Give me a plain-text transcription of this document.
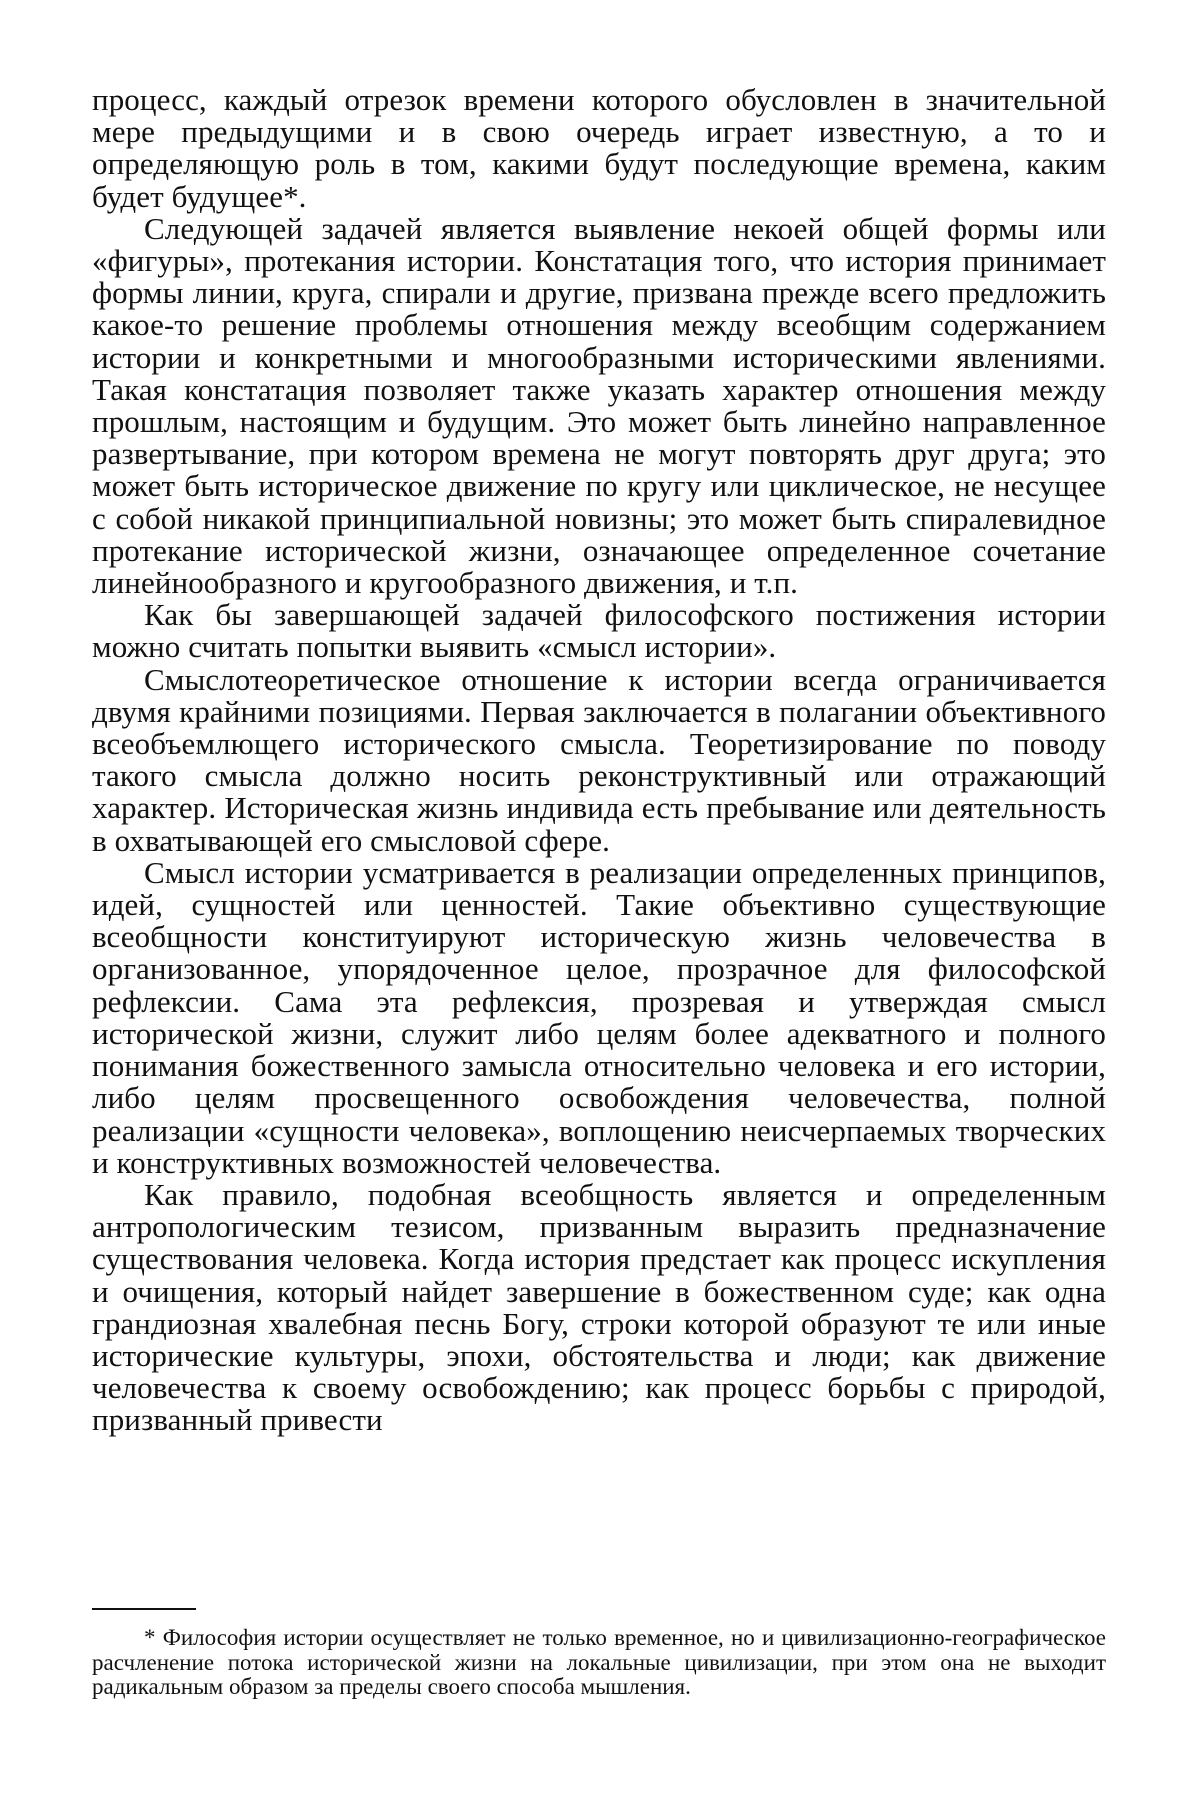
процесс, каждый отрезок времени которого обусловлен в значительной мере предыдущими и в свою очередь играет известную, а то и определяющую роль в том, какими будут последующие времена, каким будет будущее*.

Следующей задачей является выявление некоей общей формы или «фигуры», протекания истории. Констатация того, что история принимает формы линии, круга, спирали и другие, призвана прежде всего предложить какое-то решение проблемы отношения между всеобщим содержанием истории и конкретными и многообразными историческими явлениями. Такая констатация позволяет также указать характер отношения между прошлым, настоящим и будущим. Это может быть линейно направленное развертывание, при котором времена не могут повторять друг друга; это может быть историческое движение по кругу или циклическое, не несущее с собой никакой принципиальной новизны; это может быть спиралевидное протекание исторической жизни, означающее определенное сочетание линейнообразного и кругообразного движения, и т.п.

Как бы завершающей задачей философского постижения истории можно считать попытки выявить «смысл истории».

Смыслотеоретическое отношение к истории всегда ограничивается двумя крайними позициями. Первая заключается в полагании объективного всеобъемлющего исторического смысла. Теоретизирование по поводу такого смысла должно носить реконструктивный или отражающий характер. Историческая жизнь индивида есть пребывание или деятельность в охватывающей его смысловой сфере.

Смысл истории усматривается в реализации определенных принципов, идей, сущностей или ценностей. Такие объективно существующие всеобщности конституируют историческую жизнь человечества в организованное, упорядоченное целое, прозрачное для философской рефлексии. Сама эта рефлексия, прозревая и утверждая смысл исторической жизни, служит либо целям более адекватного и полного понимания божественного замысла относительно человека и его истории, либо целям просвещенного освобождения человечества, полной реализации «сущности человека», воплощению неисчерпаемых творческих и конструктивных возможностей человечества.

Как правило, подобная всеобщность является и определенным антропологическим тезисом, призванным выразить предназначение существования человека. Когда история предстает как процесс искупления и очищения, который найдет завершение в божественном суде; как одна грандиозная хвалебная песнь Богу, строки которой образуют те или иные исторические культуры, эпохи, обстоятельства и люди; как движение человечества к своему освобождению; как процесс борьбы с природой, призванный привести

* Философия истории осуществляет не только временное, но и цивилизационно-географическое расчленение потока исторической жизни на локальные цивилизации, при этом она не выходит радикальным образом за пределы своего способа мышления.
